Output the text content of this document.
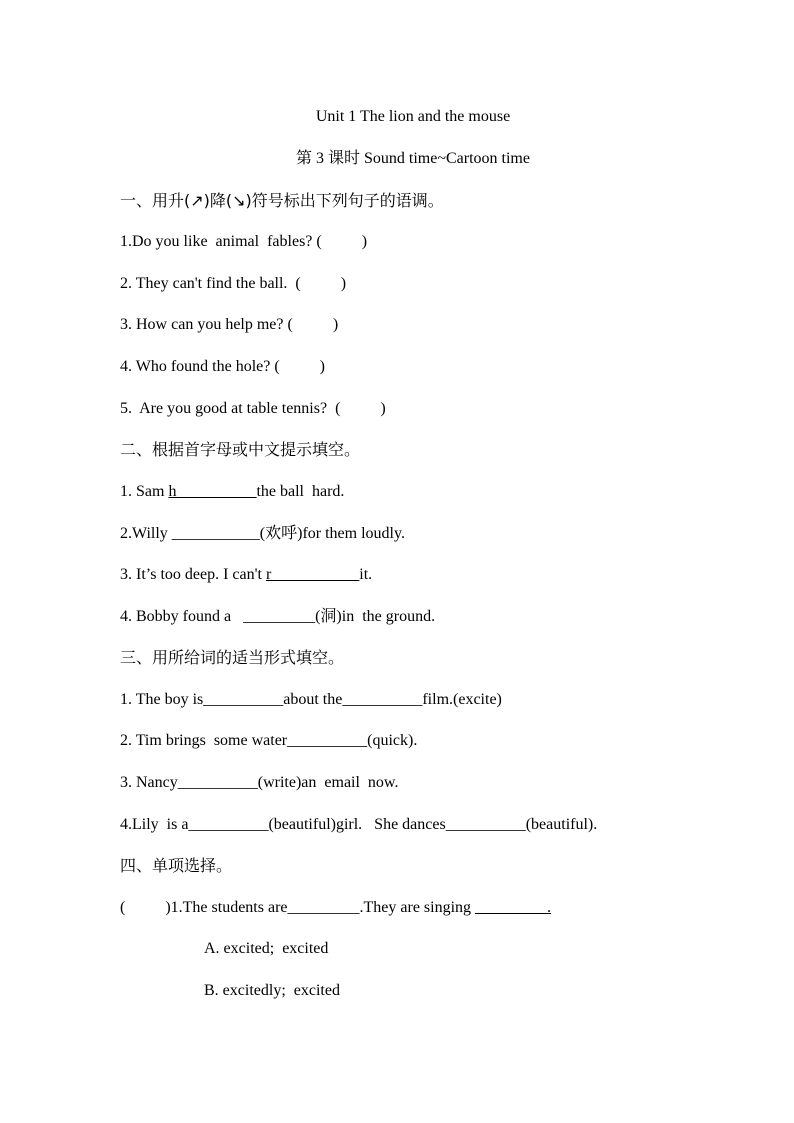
Unit 1 The lion and the mouse
第 3 课时 Sound time~Cartoon time
一、用升(↗)降(↘)符号标出下列句子的语调。
1.Do you like  animal  fables? (          )
2. They can't find the ball.  (          )
3. How can you help me? (          )
4. Who found the hole? (          )
5.  Are you good at table tennis?  (          )
二、根据首字母或中文提示填空。
1. Sam h__________the ball  hard.
2.Willy ___________(欢呼)for them loudly.
3. It’s too deep. I can't r___________it.
4. Bobby found a   _________(洞)in  the ground.
三、用所给词的适当形式填空。
1. The boy is__________about the__________film.(excite)
2. Tim brings  some water__________(quick).
3. Nancy__________(write)an  email  now.
4.Lily  is a__________(beautiful)girl.   She dances__________(beautiful).
四、单项选择。
(          )1.The students are_________.They are singing _________.
A. excited;  excited
B. excitedly;  excited
